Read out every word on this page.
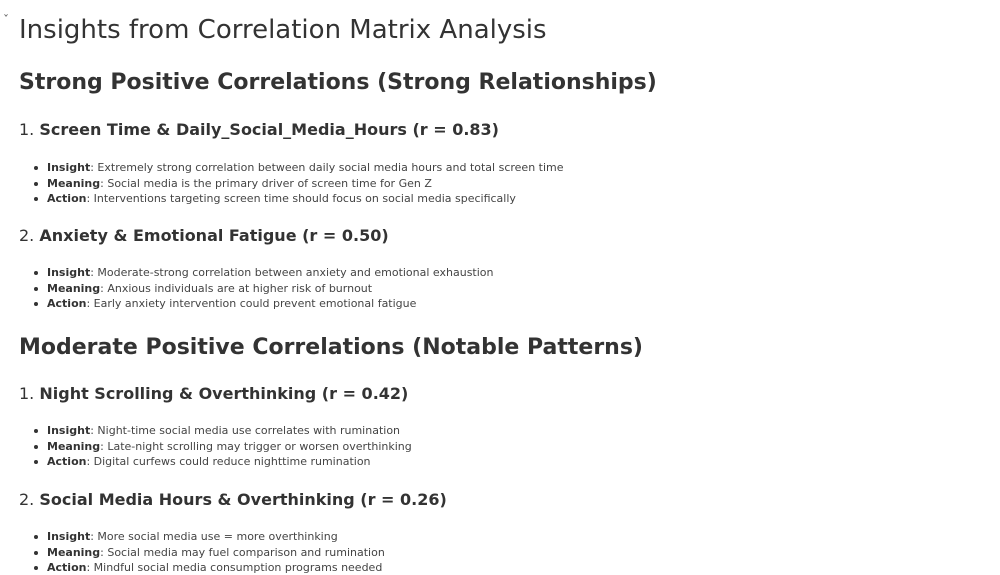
ˇ Insights from Correlation Matrix Analysis
Strong Positive Correlations (Strong Relationships)
1. Screen Time & Daily_Social_Media_Hours (r = 0.83)
Insight: Extremely strong correlation between daily social media hours and total screen time
Meaning: Social media is the primary driver of screen time for Gen Z
Action: Interventions targeting screen time should focus on social media specifically
2. Anxiety & Emotional Fatigue (r = 0.50)
Insight: Moderate-strong correlation between anxiety and emotional exhaustion
Meaning: Anxious individuals are at higher risk of burnout
Action: Early anxiety intervention could prevent emotional fatigue
Moderate Positive Correlations (Notable Patterns)
1. Night Scrolling & Overthinking (r = 0.42)
Insight: Night-time social media use correlates with rumination
Meaning: Late-night scrolling may trigger or worsen overthinking
Action: Digital curfews could reduce nighttime rumination
2. Social Media Hours & Overthinking (r = 0.26)
Insight: More social media use = more overthinking
Meaning: Social media may fuel comparison and rumination
Action: Mindful social media consumption programs needed
